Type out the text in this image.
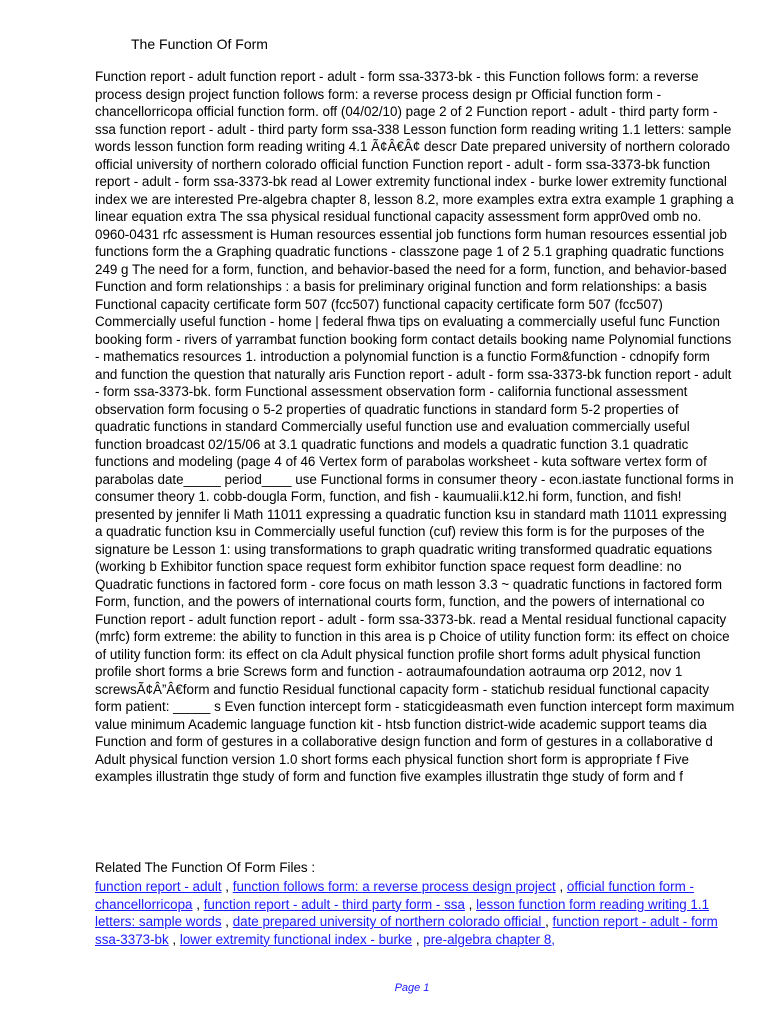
The Function Of Form

Function report - adult function report - adult - form ssa-3373-bk - this Function follows form: a reverse process design project function follows form: a reverse process design pr Official function form - chancellorricopa official function form. off (04/02/10) page 2 of 2 Function report - adult - third party form - ssa function report - adult - third party form ssa-338 Lesson function form reading writing 1.1 letters: sample words lesson function form reading writing 4.1 Ã¢Â€Â¢ descr Date prepared university of northern colorado official university of northern colorado official function Function report - adult - form ssa-3373-bk function report - adult - form ssa-3373-bk read al Lower extremity functional index - burke lower extremity functional index we are interested Pre-algebra chapter 8, lesson 8.2, more examples extra extra example 1 graphing a linear equation extra The ssa physical residual functional capacity assessment form appr0ved omb no. 0960-0431 rfc assessment is Human resources essential job functions form human resources essential job functions form the a Graphing quadratic functions - classzone page 1 of 2 5.1 graphing quadratic functions 249 g The need for a form, function, and behavior-based the need for a form, function, and behavior-based Function and form relationships : a basis for preliminary original function and form relationships: a basis Functional capacity certificate form 507 (fcc507) functional capacity certificate form 507 (fcc507) Commercially useful function - home | federal fhwa tips on evaluating a commercially useful func Function booking form - rivers of yarrambat function booking form contact details booking name Polynomial functions - mathematics resources 1. introduction a polynomial function is a functio Form&function - cdnopify form and function the question that naturally aris Function report - adult - form ssa-3373-bk function report - adult - form ssa-3373-bk. form Functional assessment observation form - california functional assessment observation form focusing o 5-2 properties of quadratic functions in standard form 5-2 properties of quadratic functions in standard Commercially useful function use and evaluation commercially useful function broadcast 02/15/06 at 3.1 quadratic functions and models a quadratic function 3.1 quadratic functions and modeling (page 4 of 46 Vertex form of parabolas worksheet - kuta software vertex form of parabolas date_____ period____ use Functional forms in consumer theory - econ.iastate functional forms in consumer theory 1. cobb-dougla Form, function, and fish - kaumualii.k12.hi form, function, and fish! presented by jennifer li Math 11011 expressing a quadratic function ksu in standard math 11011 expressing a quadratic function ksu in Commercially useful function (cuf) review this form is for the purposes of the signature be Lesson 1: using transformations to graph quadratic writing transformed quadratic equations (working b Exhibitor function space request form exhibitor function space request form deadline: no Quadratic functions in factored form - core focus on math lesson 3.3 ~ quadratic functions in factored form Form, function, and the powers of international courts form, function, and the powers of international co Function report - adult function report - adult - form ssa-3373-bk. read a Mental residual functional capacity (mrfc) form extreme: the ability to function in this area is p Choice of utility function form: its effect on choice of utility function form: its effect on cla Adult physical function profile short forms adult physical function profile short forms a brie Screws form and function - aotraumafoundation aotrauma orp 2012, nov 1 screwsÃ¢Â”Â€form and functio Residual functional capacity form - statichub residual functional capacity form patient: _____ s Even function intercept form - staticgideasmath even function intercept form maximum value minimum Academic language function kit - htsb function district-wide academic support teams dia Function and form of gestures in a collaborative design function and form of gestures in a collaborative d Adult physical function version 1.0 short forms each physical function short form is appropriate f Five examples illustratin thge study of form and function five examples illustratin thge study of form and f

Related The Function Of Form Files :

function report - adult , function follows form: a reverse process design project , official function form - chancellorricopa , function report - adult - third party form - ssa , lesson function form reading writing 1.1 letters: sample words , date prepared university of northern colorado official , function report - adult - form ssa-3373-bk , lower extremity functional index - burke , pre-algebra chapter 8,

Page 1
